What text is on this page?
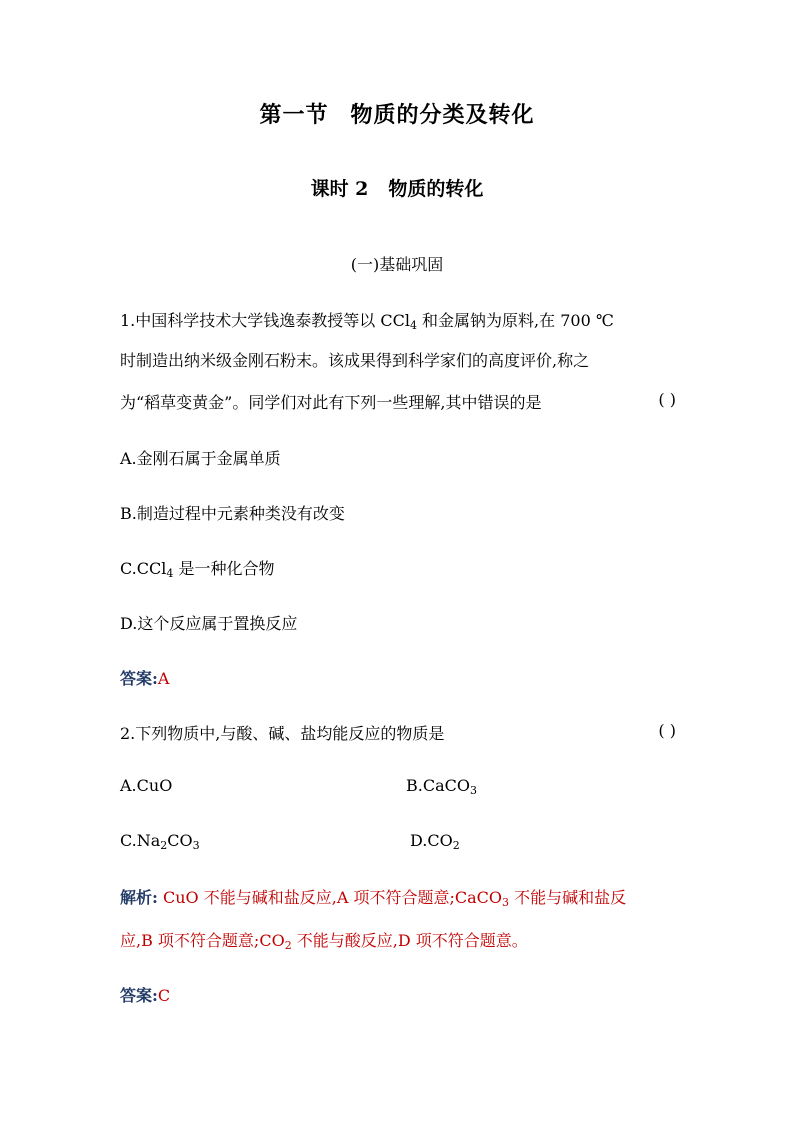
第一节 物质的分类及转化
课时 2 物质的转化
(一)基础巩固
1.中国科学技术大学钱逸泰教授等以 CCl$_4$ 和金属钠为原料,在 700 ℃
时制造出纳米级金刚石粉末。该成果得到科学家们的高度评价,称之
为“稻草变黄金”。同学们对此有下列一些理解,其中错误的是	( )
A.金刚石属于金属单质
B.制造过程中元素种类没有改变
C.CCl$_4$ 是一种化合物
D.这个反应属于置换反应
答案:A
2.下列物质中,与酸、碱、盐均能反应的物质是	( )
A.CuO	B.CaCO$_3$
$C.Na_2CO_3$	$D.CO_2$
解析: CuO 不能与碱和盐反应,A 项不符合题意;CaCO$_3$ 不能与碱和盐反
应,B 项不符合题意$;CO_2$ 不能与酸反应,D 项不符合题意。
答案:C
